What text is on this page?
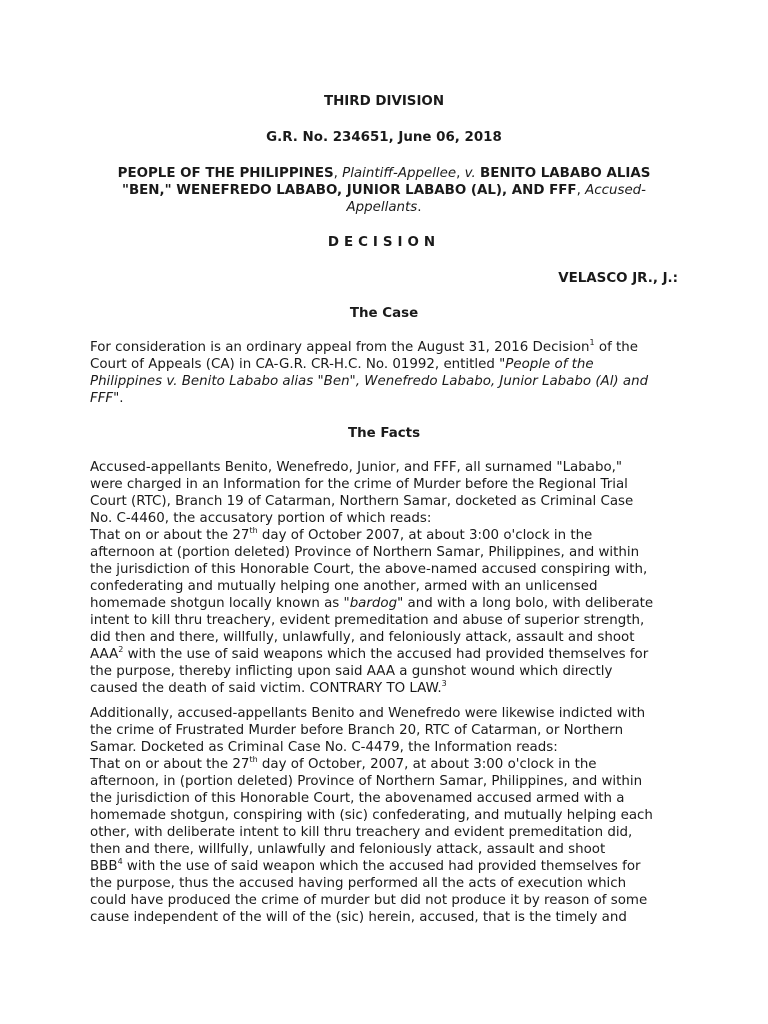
THIRD DIVISION
G.R. No. 234651, June 06, 2018
PEOPLE OF THE PHILIPPINES, Plaintiff-Appellee, v. BENITO LABABO ALIAS
"BEN," WENEFREDO LABABO, JUNIOR LABABO (AL), AND FFF, Accused-
Appellants.
DECISION
VELASCO JR., J.:
The Case
For consideration is an ordinary appeal from the August 31, 2016 Decision$^1$ of the
Court of Appeals (CA) in CA-G.R. CR-H.C. No. 01992, entitled "People of the
Philippines v. Benito Lababo alias "Ben", Wenefredo Lababo, Junior Lababo (Al) and
FFF".
The Facts
Accused-appellants Benito, Wenefredo, Junior, and FFF, all surnamed "Lababo,"
were charged in an Information for the crime of Murder before the Regional Trial
Court (RTC), Branch 19 of Catarman, Northern Samar, docketed as Criminal Case
No. C-4460, the accusatory portion of which reads:
That on or about the 27th day of October 2007, at about 3:00 o'clock in the
afternoon at (portion deleted) Province of Northern Samar, Philippines, and within
the jurisdiction of this Honorable Court, the above-named accused conspiring with,
confederating and mutually helping one another, armed with an unlicensed
homemade shotgun locally known as "bardog" and with a long bolo, with deliberate
intent to kill thru treachery, evident premeditation and abuse of superior strength,
did then and there, willfully, unlawfully, and feloniously attack, assault and shoot
AAA$^2$ with the use of said weapons which the accused had provided themselves for
the purpose, thereby inflicting upon said AAA a gunshot wound which directly
caused the death of said victim. CONTRARY TO LAW.$^3$
Additionally, accused-appellants Benito and Wenefredo were likewise indicted with
the crime of Frustrated Murder before Branch 20, RTC of Catarman, or Northern
Samar. Docketed as Criminal Case No. C-4479, the Information reads:
That on or about the 27th day of October, 2007, at about 3:00 o'clock in the
afternoon, in (portion deleted) Province of Northern Samar, Philippines, and within
the jurisdiction of this Honorable Court, the abovenamed accused armed with a
homemade shotgun, conspiring with (sic) confederating, and mutually helping each
other, with deliberate intent to kill thru treachery and evident premeditation did,
then and there, willfully, unlawfully and feloniously attack, assault and shoot
BBB$^4$ with the use of said weapon which the accused had provided themselves for
the purpose, thus the accused having performed all the acts of execution which
could have produced the crime of murder but did not produce it by reason of some
cause independent of the will of the (sic) herein, accused, that is the timely and
